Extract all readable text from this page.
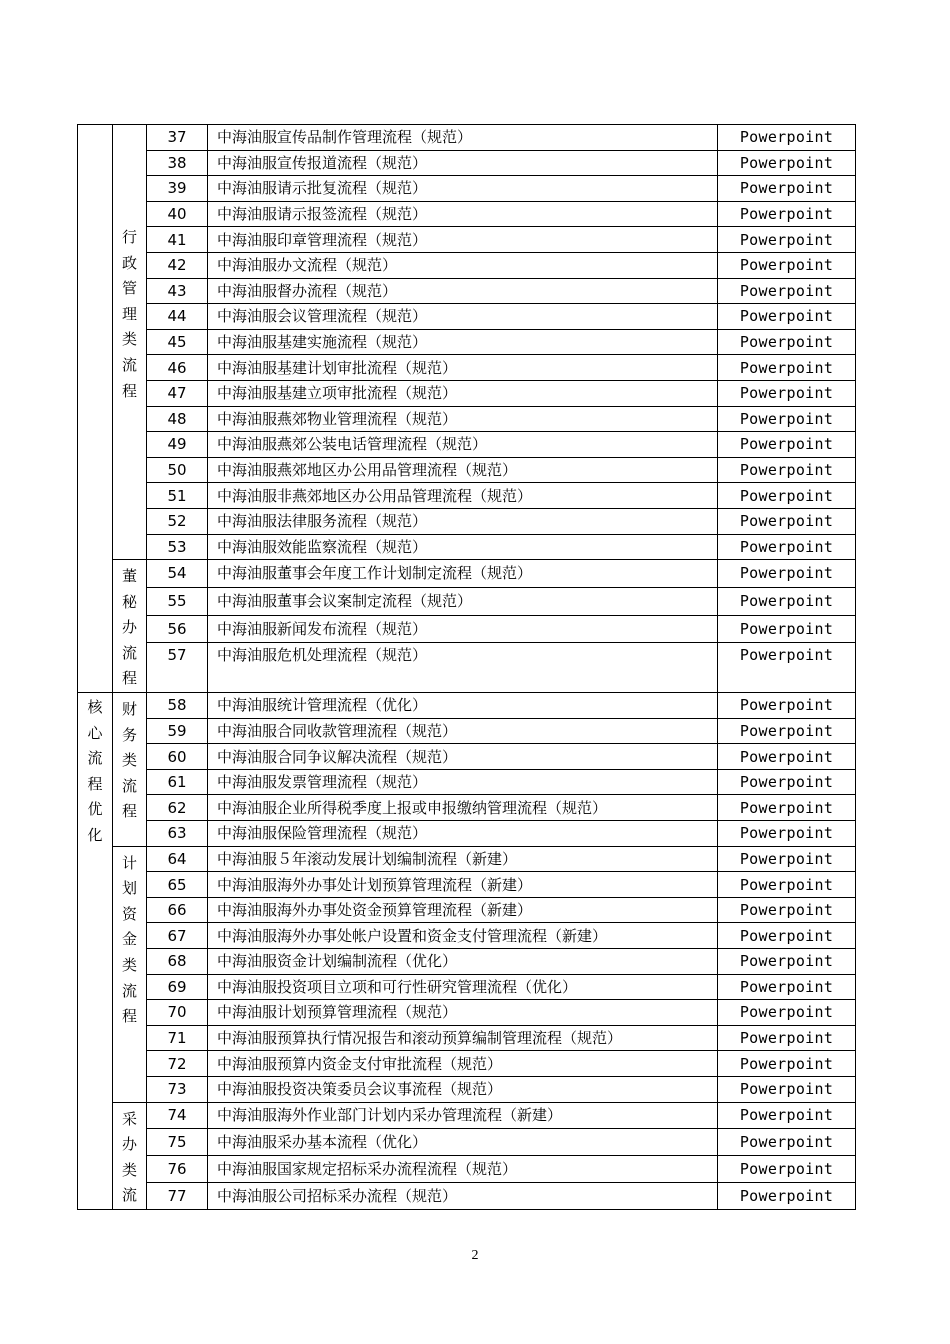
	行政管理类流程	37	中海油服宣传品制作管理流程（规范）	Powerpoint
		38	中海油服宣传报道流程（规范）	Powerpoint
		39	中海油服请示批复流程（规范）	Powerpoint
		40	中海油服请示报签流程（规范）	Powerpoint
		41	中海油服印章管理流程（规范）	Powerpoint
		42	中海油服办文流程（规范）	Powerpoint
		43	中海油服督办流程（规范）	Powerpoint
		44	中海油服会议管理流程（规范）	Powerpoint
		45	中海油服基建实施流程（规范）	Powerpoint
		46	中海油服基建计划审批流程（规范）	Powerpoint
		47	中海油服基建立项审批流程（规范）	Powerpoint
		48	中海油服燕郊物业管理流程（规范）	Powerpoint
		49	中海油服燕郊公装电话管理流程（规范）	Powerpoint
		50	中海油服燕郊地区办公用品管理流程（规范）	Powerpoint
		51	中海油服非燕郊地区办公用品管理流程（规范）	Powerpoint
		52	中海油服法律服务流程（规范）	Powerpoint
		53	中海油服效能监察流程（规范）	Powerpoint

	董秘办流程	54	中海油服董事会年度工作计划制定流程（规范）	Powerpoint
		55	中海油服董事会议案制定流程（规范）	Powerpoint
		56	中海油服新闻发布流程（规范）	Powerpoint
		57	中海油服危机处理流程（规范）	Powerpoint

核心流程优化	财务类流程	58	中海油服统计管理流程（优化）	Powerpoint
		59	中海油服合同收款管理流程（规范）	Powerpoint
		60	中海油服合同争议解决流程（规范）	Powerpoint
		61	中海油服发票管理流程（规范）	Powerpoint
		62	中海油服企业所得税季度上报或申报缴纳管理流程（规范）	Powerpoint
		63	中海油服保险管理流程（规范）	Powerpoint

	计划资金类流程	64	中海油服５年滚动发展计划编制流程（新建）	Powerpoint
		65	中海油服海外办事处计划预算管理流程（新建）	Powerpoint
		66	中海油服海外办事处资金预算管理流程（新建）	Powerpoint
		67	中海油服海外办事处帐户设置和资金支付管理流程（新建）	Powerpoint
		68	中海油服资金计划编制流程（优化）	Powerpoint
		69	中海油服投资项目立项和可行性研究管理流程（优化）	Powerpoint
		70	中海油服计划预算管理流程（规范）	Powerpoint
		71	中海油服预算执行情况报告和滚动预算编制管理流程（规范）	Powerpoint
		72	中海油服预算内资金支付审批流程（规范）	Powerpoint
		73	中海油服投资决策委员会议事流程（规范）	Powerpoint

	采办类流	74	中海油服海外作业部门计划内采办管理流程（新建）	Powerpoint
		75	中海油服采办基本流程（优化）	Powerpoint
		76	中海油服国家规定招标采办流程流程（规范）	Powerpoint
		77	中海油服公司招标采办流程（规范）	Powerpoint
2
